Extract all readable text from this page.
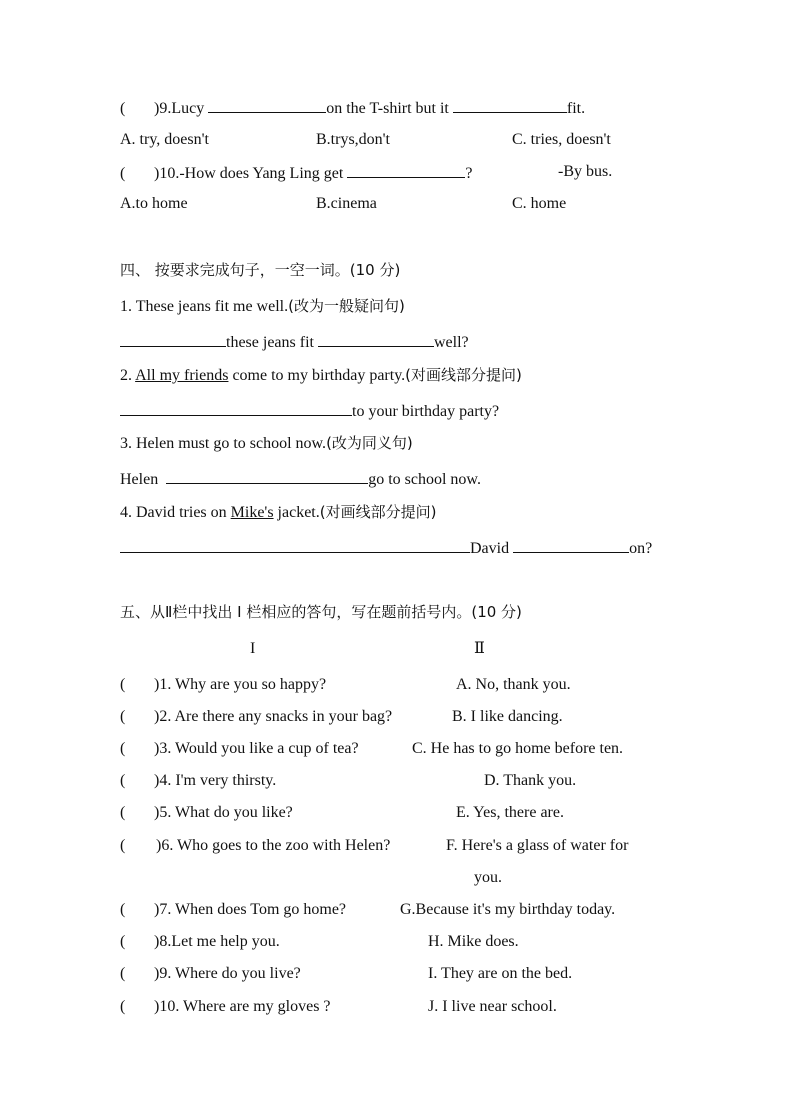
( )9.Lucy	on the T-shirt but it	fit.
A. try, doesn't	B.trys,don't	C. tries, doesn't
( )10.-How does Yang Ling get	?	-By bus.
A.to home	B.cinema	C. home
四、 按要求完成句子，一空一词。(10 分)
1. These jeans fit me well.(改为一般疑问句)
these jeans fit	well?
2. All my friends come to my birthday party.(对画线部分提问)
to your birthday party?
3. Helen must go to school now.(改为同义句)
Helen	go to school now.
4. David tries on Mike's jacket.(对画线部分提问)
David	on?
五、从Ⅱ栏中找出 I 栏相应的答句，写在题前括号内。(10 分)
I	Ⅱ
( )1. Why are you so happy?	A. No, thank you.
( )2. Are there any snacks in your bag?	B. I like dancing.
( )3. Would you like a cup of tea?	C. He has to go home before ten.
( )4. I'm very thirsty.	D. Thank you.
( )5. What do you like?	E. Yes, there are.
( )6. Who goes to the zoo with Helen?	F. Here's a glass of water for
you.
( )7. When does Tom go home?	G.Because it's my birthday today.
( )8.Let me help you.	H. Mike does.
( )9. Where do you live?	I. They are on the bed.
( )10. Where are my gloves ?	J. I live near school.
